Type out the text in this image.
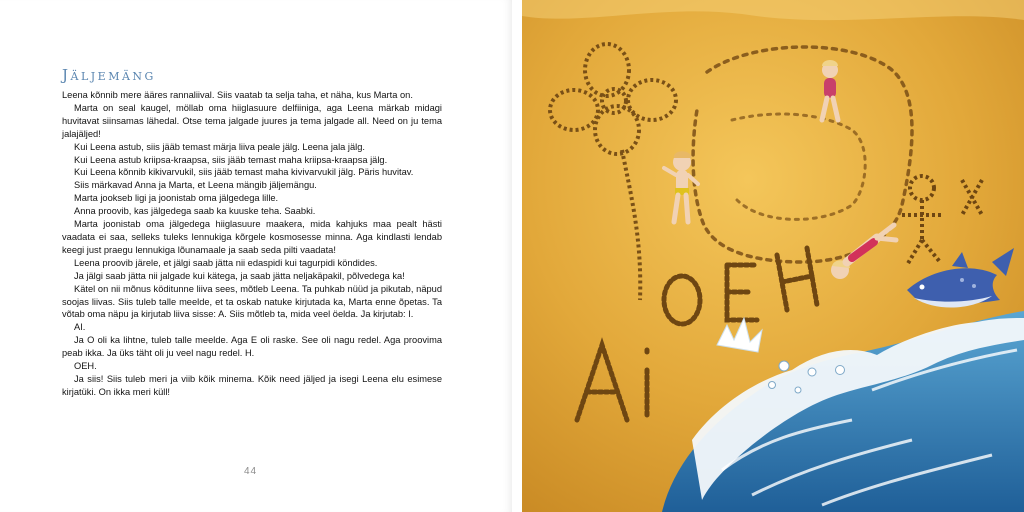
Jäljemäng

Leena kõnnib mere ääres rannaliival. Siis vaatab ta selja taha, et näha, kus Marta on.

Marta on seal kaugel, möllab oma hiiglasuure delfiiniga, aga Leena märkab midagi huvitavat siinsamas lähedal. Otse tema jalgade juures ja tema jalgade all. Need on ju tema jalajäljed!

Kui Leena astub, siis jääb temast märja liiva peale jälg. Leena jala jälg.

Kui Leena astub kriipsa-kraapsa, siis jääb temast maha kriipsa-kraapsa jälg.

Kui Leena kõnnib kikivarvukil, siis jääb temast maha kivivarvukil jälg. Päris huvitav.

Siis märkavad Anna ja Marta, et Leena mängib jäljemängu.

Marta jookseb ligi ja joonistab oma jälgedega lille.

Anna proovib, kas jälgedega saab ka kuuske teha. Saabki.

Marta joonistab oma jälgedega hiiglasuure maakera, mida kahjuks maa pealt hästi vaadata ei saa, selleks tuleks lennukiga kõrgele kosmosesse minna. Aga kindlasti lendab keegi just praegu lennukiga lõunamaale ja saab seda pilti vaadata!

Leena proovib järele, et jälgi saab jätta nii edaspidi kui tagurpidi köndides.

Ja jälgi saab jätta nii jalgade kui kätega, ja saab jätta neljakäpakil, põlvedega ka!

Kätel on nii mõnus köditunne liiva sees, mõtleb Leena. Ta puhkab nüüd ja pikutab, näpud soojas liivas. Siis tuleb talle meelde, et ta oskab natuke kirjutada ka, Marta enne õpetas. Ta võtab oma näpu ja kirjutab liiva sisse: A. Siis mõtleb ta, mida veel öelda. Ja kirjutab: I.

AI.

Ja O oli ka lihtne, tuleb talle meelde. Aga E oli raske. See oli nagu redel. Aga proovima peab ikka. Ja üks täht oli ju veel nagu redel. H.

OEH.

Ja siis! Siis tuleb meri ja viib kõik minema. Kõik need jäljed ja isegi Leena elu esimese kirjatüki. On ikka meri küll!

44
